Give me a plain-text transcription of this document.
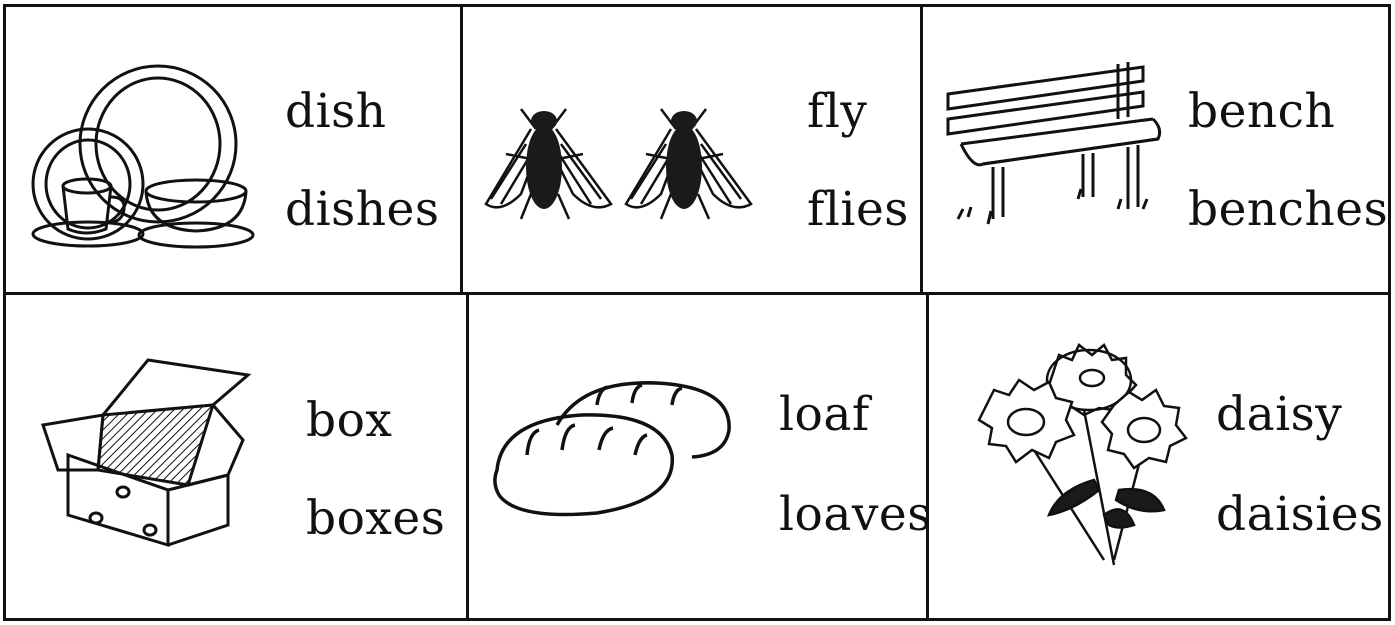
dish
dishes
fly
flies
bench
benches
box
boxes
loaf
loaves
daisy
daisies
